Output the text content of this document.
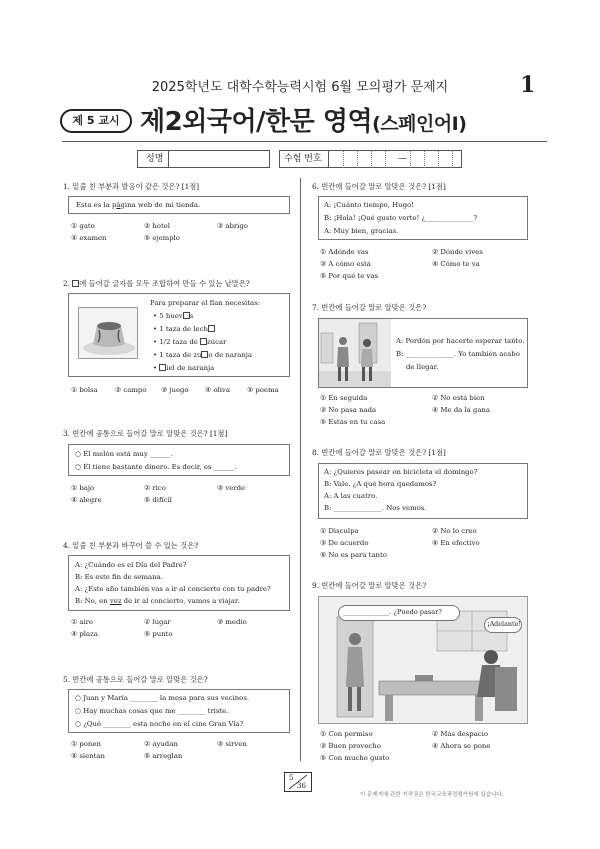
2025학년도 대학수학능력시험 6월 모의평가 문제지	1
제 5 교시 제2외국어/한문 영역(스페인어Ⅰ)
성명	수험 번호	—
1. 밑줄 친 부분과 발음이 같은 것은? [1점]
Esta es la página web de mi tienda.
① gato	② hotel	③ abrigo
④ examen	⑤ ejemplo
2. 에 들어갈 글자를 모두 조합하여 만들 수 있는 낱말은?
Para preparar el flan necesitas:
• 5 huev s
• 1 taza de lech
• 1/2 taza de zúcar
• 1 taza de zu o de naranja
• iel de naranja
① bolsa ② campo ③ juego ④ oliva ⑤ poema
3. 빈칸에 공통으로 들어갈 말로 알맞은 것은? [1점]
○ El melón está muy ______.
○ Él tiene bastante dinero. Es decir, es ______.
① bajo	② rico	③ verde
④ alegre	⑤ difícil
4. 밑줄 친 부분과 바꾸어 쓸 수 있는 것은?
A: ¿Cuándo es el Día del Padre?
B: Es este fin de semana.
A: ¿Este año también vas a ir al concierto con tu padre?
B: No, en vez de ir al concierto, vamos a viajar.
① aire	② lugar	③ medio
④ plaza	⑤ punto
5. 빈칸에 공통으로 들어갈 말로 알맞은 것은?
○ Juan y María ________ la mesa para sus vecinos.
○ Hay muchas cosas que me ________ triste.
○ ¿Qué ________ esta noche en el cine Gran Vía?
① ponen	② ayudan	③ sirven
④ sientan	⑤ arreglan
6. 빈칸에 들어갈 말로 알맞은 것은? [1점]
A: ¡Cuánto tiempo, Hugo!
B: ¡Hola! ¡Qué gusto verte! ¿______________?
A: Muy bien, gracias.
① Adónde vas	② Dónde vives
③ A cómo está	④ Cómo te va
⑤ Por qué te vas
7. 빈칸에 들어갈 말로 알맞은 것은?
A: Perdón por hacerte esperar tanto.
B: ______________. Yo también acabo
de llegar.
① En seguida	② No está bien
③ No pasa nada	④ Me da la gana
⑤ Estás en tu casa
8. 빈칸에 들어갈 말로 알맞은 것은? [1점]
A: ¿Quieres pasear en bicicleta el domingo?
B: Vale. ¿A qué hora quedamos?
A: A las cuatro.
B: ______________. Nos vemos.
① Disculpa	② No lo creo
③ De acuerdo	④ En efectivo
⑤ No es para tanto
9. 빈칸에 들어갈 말로 알맞은 것은?
______________. ¿Puedo pasar?
¡Adelante!
① Con permiso	② Más despacio
③ Buen provecho	④ Ahora se pone
⑤ Con mucho gusto
5
36
이 문제지에 관한 저작권은 한국교육과정평가원에 있습니다.
